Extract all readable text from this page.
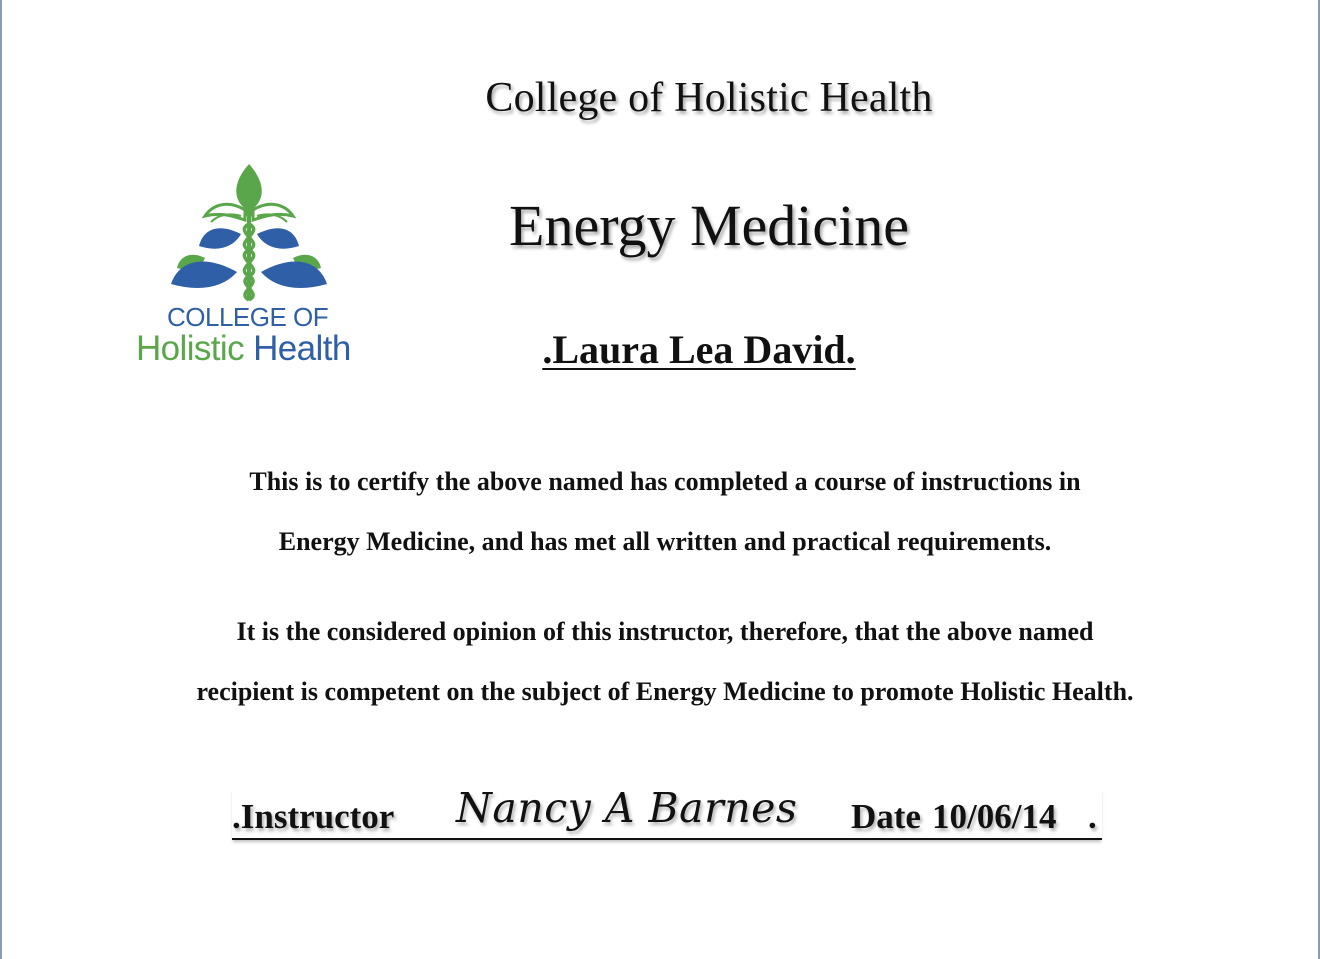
COLLEGE OF
Holistic Health
College of Holistic Health
Energy Medicine
.Laura Lea David.
This is to certify the above named has completed a course of instructions in
Energy Medicine, and has met all written and practical requirements.
It is the considered opinion of this instructor, therefore, that the above named
recipient is competent on the subject of Energy Medicine to promote Holistic Health.
.Instructor Nancy A Barnes Date 10/06/14 .
